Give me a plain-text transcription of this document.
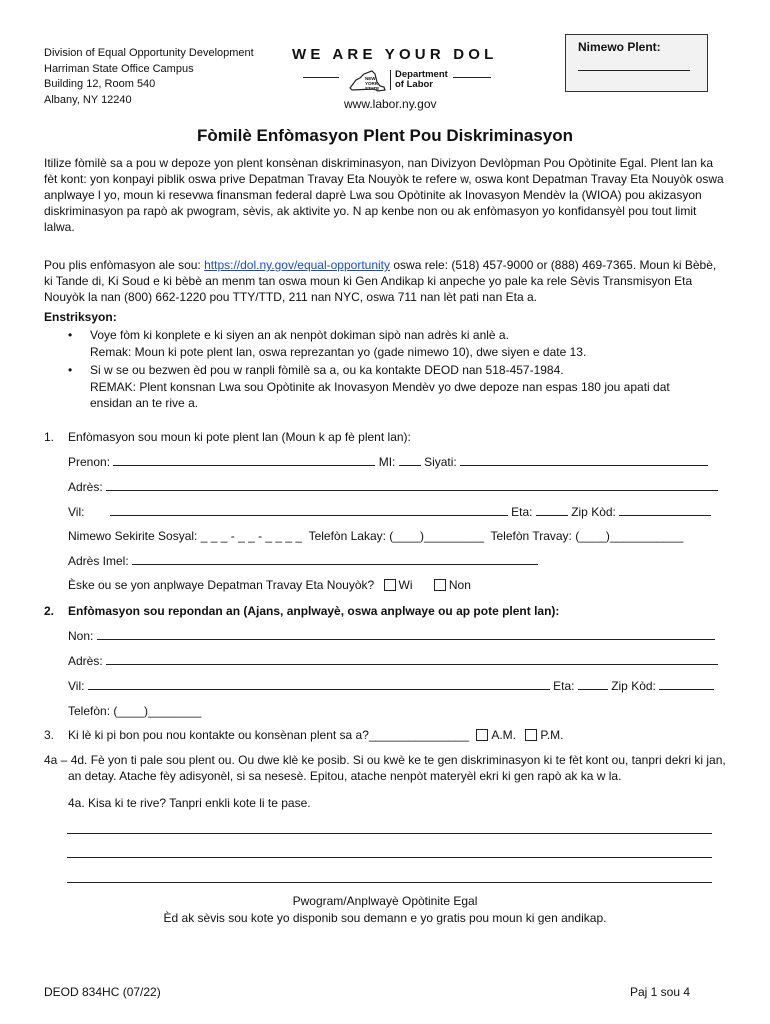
Division of Equal Opportunity Development
Harriman State Office Campus
Building 12, Room 540
Albany, NY 12240
WE ARE YOUR DOL
NEW YORK STATE
Department
of Labor
www.labor.ny.gov
Nimewo Plent:
Fòmilè Enfòmasyon Plent Pou Diskriminasyon
Itilize fòmilè sa a pou w depoze yon plent konsènan diskriminasyon, nan Divizyon Devlòpman Pou Opòtinite Egal. Plent lan ka fèt kont: yon konpayi piblik oswa prive Depatman Travay Eta Nouyòk te refere w, oswa kont Depatman Travay Eta Nouyòk oswa anplwaye l yo, moun ki resevwa finansman federal daprè Lwa sou Opòtinite ak Inovasyon Mendèv la (WIOA) pou akizasyon diskriminasyon pa rapò ak pwogram, sèvis, ak aktivite yo. N ap kenbe non ou ak enfòmasyon yo konfidansyèl pou tout limit lalwa.
Pou plis enfòmasyon ale sou: https://dol.ny.gov/equal-opportunity oswa rele: (518) 457-9000 or (888) 469-7365. Moun ki Bèbè, ki Tande di, Ki Soud e ki bèbè an menm tan oswa moun ki Gen Andikap ki anpeche yo pale ka rele Sèvis Transmisyon Eta Nouyòk la nan (800) 662-1220 pou TTY/TTD, 211 nan NYC, oswa 711 nan lèt pati nan Eta a.
Enstriksyon:
• Voye fòm ki konplete e ki siyen an ak nenpòt dokiman sipò nan adrès ki anlè a.
Remak: Moun ki pote plent lan, oswa reprezantan yo (gade nimewo 10), dwe siyen e date 13.
• Si w se ou bezwen èd pou w ranpli fòmilè sa a, ou ka kontakte DEOD nan 518-457-1984.
REMAK: Plent konsnan Lwa sou Opòtinite ak Inovasyon Mendèv yo dwe depoze nan espas 180 jou apati dat ensidan an te rive a.
1. Enfòmasyon sou moun ki pote plent lan (Moun k ap fè plent lan):
Prenon:	MI: Siyati:
Adrès:
Vil:	Eta:	Zip Kòd:
Nimewo Sekirite Sosyal: _ _ _ - _ _ - _ _ _ _ Telefòn Lakay: (____)_________ Telefòn Travay: (____)___________
Adrès Imel:
Èske ou se yon anplwaye Depatman Travay Eta Nouyòk? Wi	Non
2. Enfòmasyon sou repondan an (Ajans, anplwayè, oswa anplwaye ou ap pote plent lan):
Non:
Adrès:
Vil:	Eta:	Zip Kòd:
Telefòn: (____)________
3. Ki lè ki pi bon pou nou kontakte ou konsènan plent sa a?_______________ A.M. P.M.
4a – 4d. Fè yon ti pale sou plent ou. Ou dwe klè ke posib. Si ou kwè ke te gen diskriminasyon ki te fèt kont ou, tanpri dekri ki jan, an detay. Atache fèy adisyonèl, si sa nesesè. Epitou, atache nenpòt materyèl ekri ki gen rapò ak ka w la.
4a. Kisa ki te rive? Tanpri enkli kote li te pase.
Pwogram/Anplwayè Opòtinite Egal
Èd ak sèvis sou kote yo disponib sou demann e yo gratis pou moun ki gen andikap.
DEOD 834HC (07/22)	Paj 1 sou 4
